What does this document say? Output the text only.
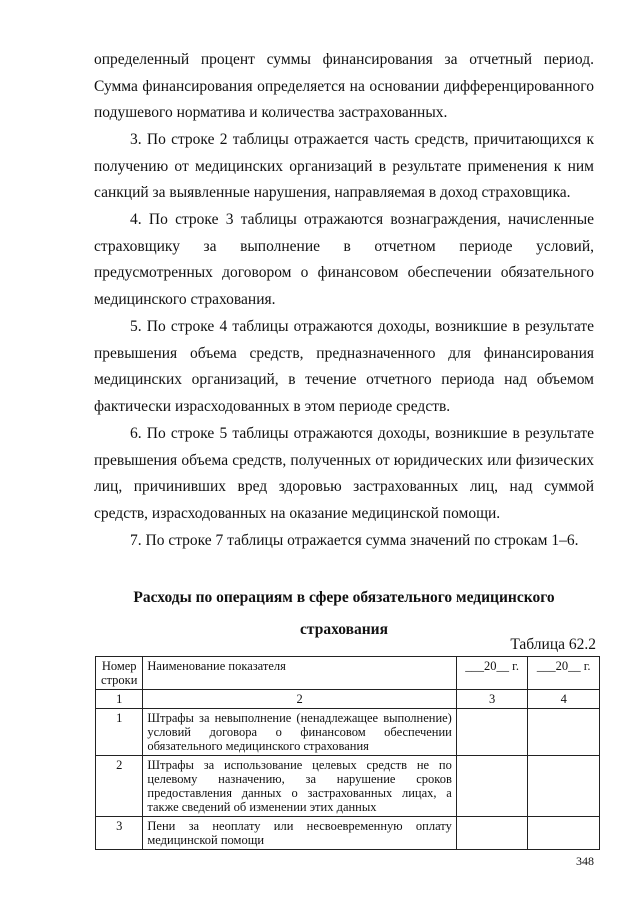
определенный процент суммы финансирования за отчетный период. Сумма финансирования определяется на основании дифференцированного подушевого норматива и количества застрахованных.

3. По строке 2 таблицы отражается часть средств, причитающихся к получению от медицинских организаций в результате применения к ним санкций за выявленные нарушения, направляемая в доход страховщика.

4. По строке 3 таблицы отражаются вознаграждения, начисленные страховщику за выполнение в отчетном периоде условий, предусмотренных договором о финансовом обеспечении обязательного медицинского страхования.

5. По строке 4 таблицы отражаются доходы, возникшие в результате превышения объема средств, предназначенного для финансирования медицинских организаций, в течение отчетного периода над объемом фактически израсходованных в этом периоде средств.

6. По строке 5 таблицы отражаются доходы, возникшие в результате превышения объема средств, полученных от юридических или физических лиц, причинивших вред здоровью застрахованных лиц, над суммой средств, израсходованных на оказание медицинской помощи.

7. По строке 7 таблицы отражается сумма значений по строкам 1–6.

Расходы по операциям в сфере обязательного медицинского страхования

Таблица 62.2
Номер строки	Наименование показателя	___20__ г.	___20__ г.
1	2	3	4
1	Штрафы за невыполнение (ненадлежащее выполнение) условий договора о финансовом обеспечении обязательного медицинского страхования		
2	Штрафы за использование целевых средств не по целевому назначению, за нарушение сроков предоставления данных о застрахованных лицах, а также сведений об изменении этих данных		
3	Пени за неоплату или несвоевременную оплату медицинской помощи		
348
